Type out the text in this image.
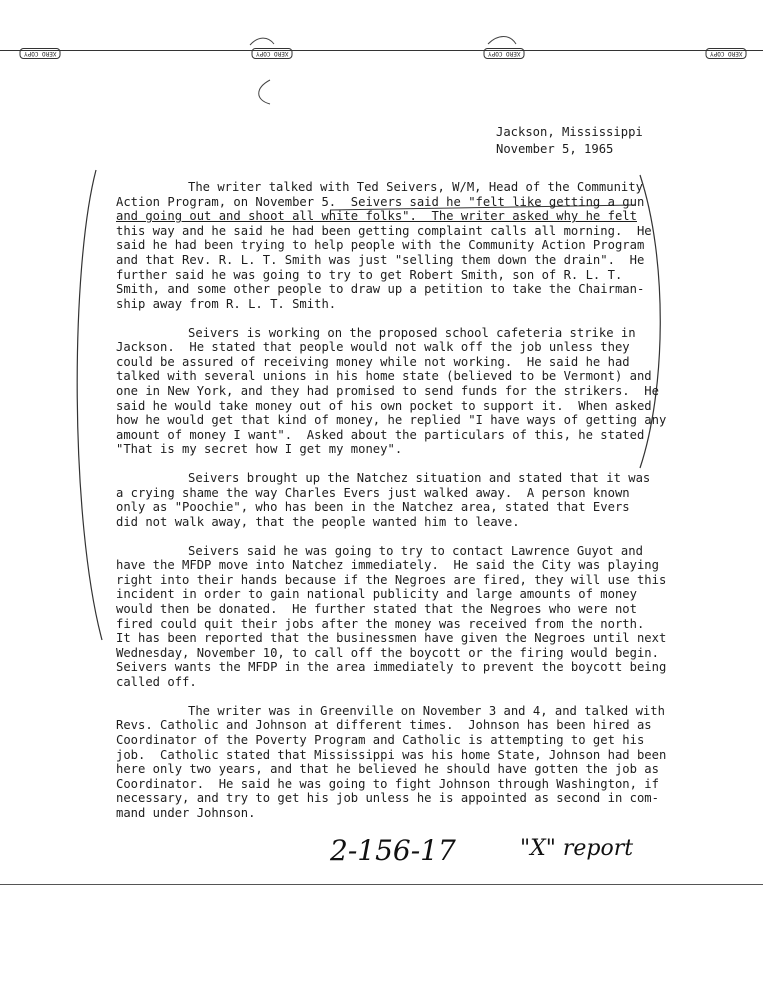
XERO COPY	XERO COPY	XERO COPY	XERO COPY
Jackson, Mississippi
November 5, 1965
The writer talked with Ted Seivers, W/M, Head of the Community
Action Program, on November 5.  Seivers said he "felt like getting a gun
and going out and shoot all white folks".  The writer asked why he felt
this way and he said he had been getting complaint calls all morning.  He
said he had been trying to help people with the Community Action Program
and that Rev. R. L. T. Smith was just "selling them down the drain".  He
further said he was going to try to get Robert Smith, son of R. L. T.
Smith, and some other people to draw up a petition to take the Chairman-
ship away from R. L. T. Smith.
Seivers is working on the proposed school cafeteria strike in
Jackson.  He stated that people would not walk off the job unless they
could be assured of receiving money while not working.  He said he had
talked with several unions in his home state (believed to be Vermont) and
one in New York, and they had promised to send funds for the strikers.  He
said he would take money out of his own pocket to support it.  When asked
how he would get that kind of money, he replied "I have ways of getting any
amount of money I want".  Asked about the particulars of this, he stated
"That is my secret how I get my money".
Seivers brought up the Natchez situation and stated that it was
a crying shame the way Charles Evers just walked away.  A person known
only as "Poochie", who has been in the Natchez area, stated that Evers
did not walk away, that the people wanted him to leave.
Seivers said he was going to try to contact Lawrence Guyot and
have the MFDP move into Natchez immediately.  He said the City was playing
right into their hands because if the Negroes are fired, they will use this
incident in order to gain national publicity and large amounts of money
would then be donated.  He further stated that the Negroes who were not
fired could quit their jobs after the money was received from the north.
It has been reported that the businessmen have given the Negroes until next
Wednesday, November 10, to call off the boycott or the firing would begin.
Seivers wants the MFDP in the area immediately to prevent the boycott being
called off.
The writer was in Greenville on November 3 and 4, and talked with
Revs. Catholic and Johnson at different times.  Johnson has been hired as
Coordinator of the Poverty Program and Catholic is attempting to get his
job.  Catholic stated that Mississippi was his home State, Johnson had been
here only two years, and that he believed he should have gotten the job as
Coordinator.  He said he was going to fight Johnson through Washington, if
necessary, and try to get his job unless he is appointed as second in com-
mand under Johnson.
2-156-17	"X" report
